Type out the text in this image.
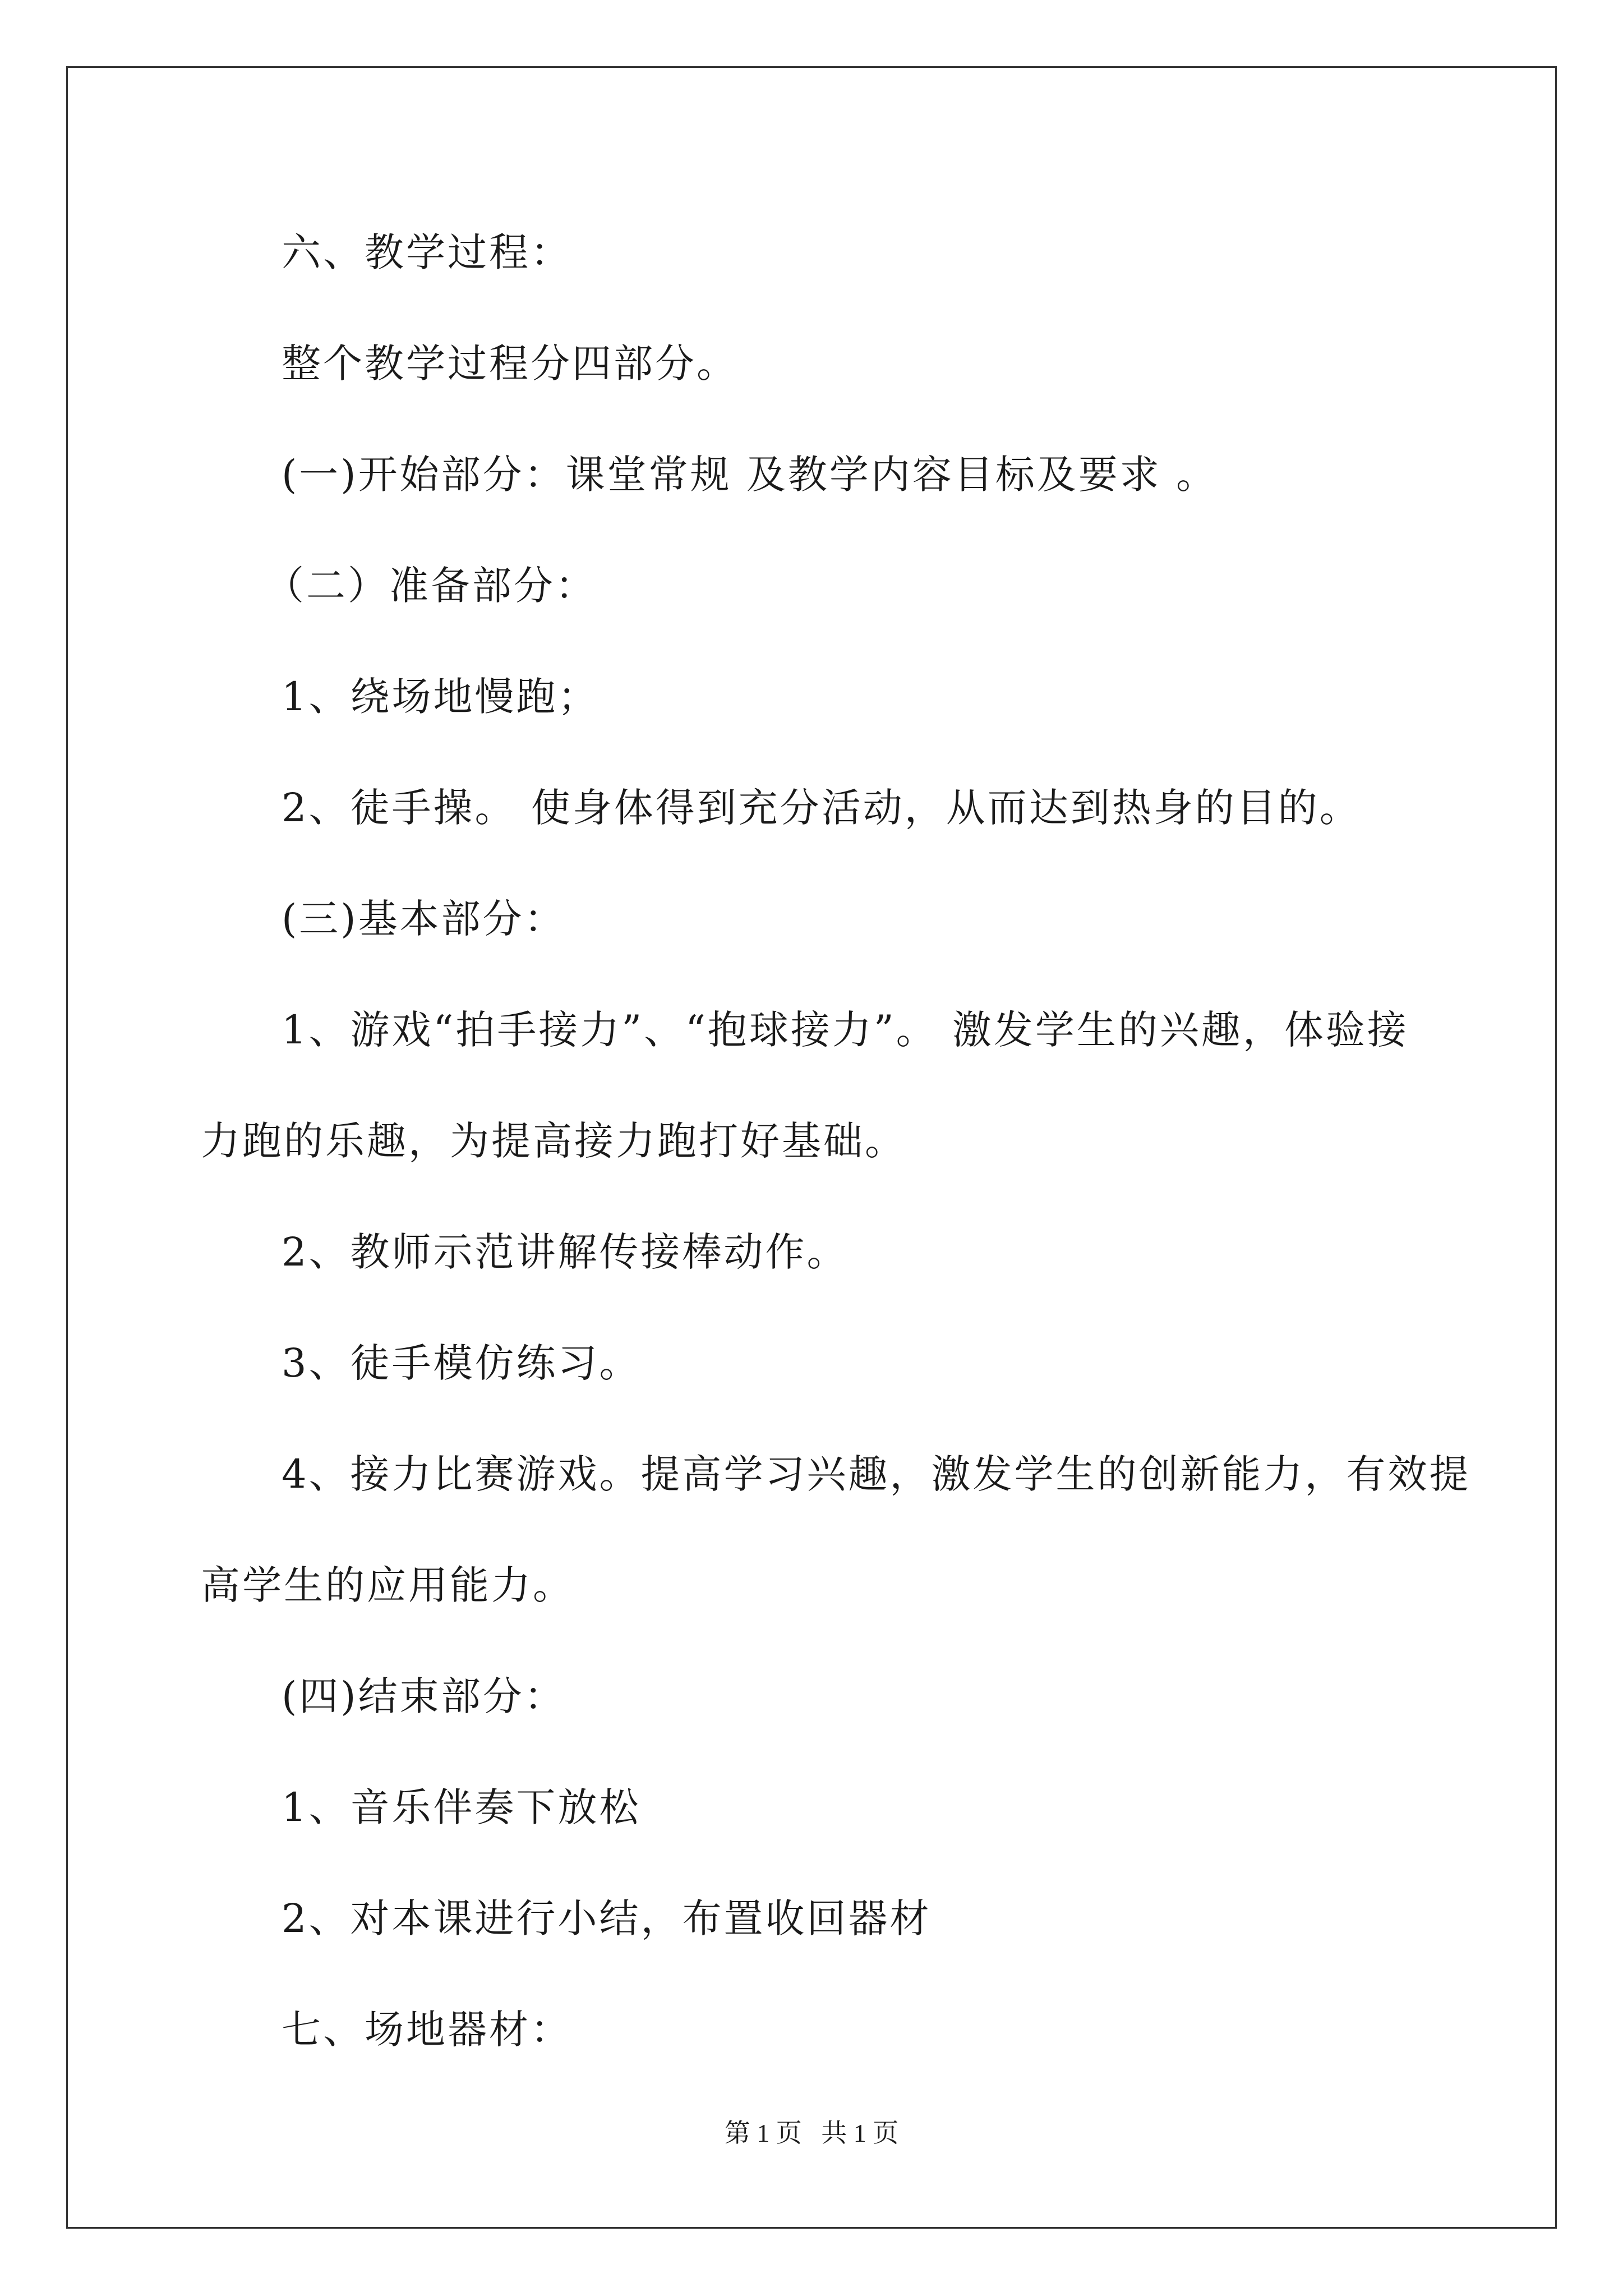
六、教学过程：

整个教学过程分四部分。

(一)开始部分：课堂常规 及教学内容目标及要求 。

（二）准备部分：

1、绕场地慢跑；

2、徒手操。 使身体得到充分活动，从而达到热身的目的。

(三)基本部分：

1、游戏“拍手接力”、“抱球接力”。 激发学生的兴趣，体验接

力跑的乐趣，为提高接力跑打好基础。

2、教师示范讲解传接棒动作。

3、徒手模仿练习。

4、接力比赛游戏。提高学习兴趣，激发学生的创新能力，有效提

高学生的应用能力。

(四)结束部分：

1、音乐伴奏下放松

2、对本课进行小结，布置收回器材

七、场地器材：

第 1 页   共 1 页
